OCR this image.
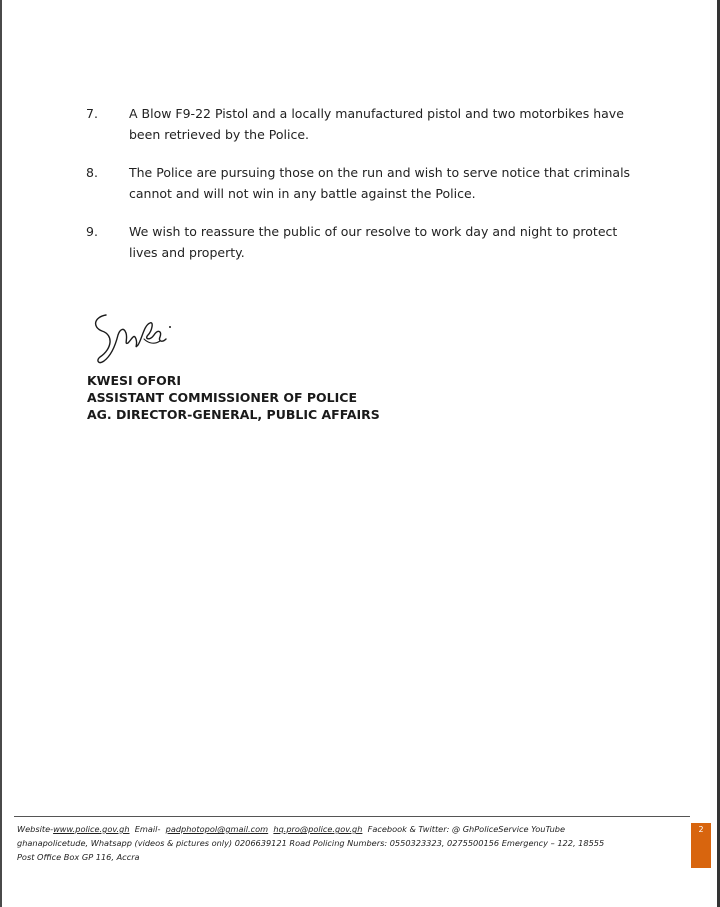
7.	A Blow F9-22 Pistol and a locally manufactured pistol and two motorbikes have been retrieved by the Police.
8.	The Police are pursuing those on the run and wish to serve notice that criminals cannot and will not win in any battle against the Police.
9.	We wish to reassure the public of our resolve to work day and night to protect lives and property.
KWESI OFORI
ASSISTANT COMMISSIONER OF POLICE
AG. DIRECTOR-GENERAL, PUBLIC AFFAIRS
Website-www.police.gov.gh Email- padphotopol@gmail.com hq.pro@police.gov.gh Facebook & Twitter: @ GhPoliceService YouTube
ghanapolicetude, Whatsapp (videos & pictures only) 0206639121 Road Policing Numbers: 0550323323, 0275500156 Emergency – 122, 18555
Post Office Box GP 116, Accra
2
